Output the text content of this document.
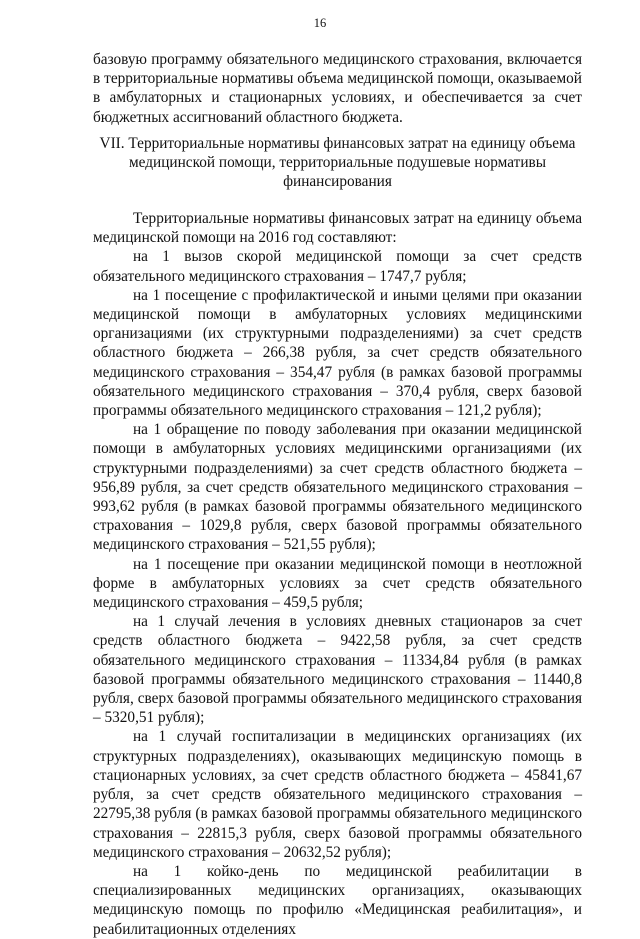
16

базовую программу обязательного медицинского страхования, включается в территориальные нормативы объема медицинской помощи, оказываемой в амбулаторных и стационарных условиях, и обеспечивается за счет бюджетных ассигнований областного бюджета.

VII. Территориальные нормативы финансовых затрат на единицу объема медицинской помощи, территориальные подушевые нормативы финансирования

Территориальные нормативы финансовых затрат на единицу объема медицинской помощи на 2016 год составляют:

на 1 вызов скорой медицинской помощи за счет средств обязательного медицинского страхования – 1747,7 рубля;

на 1 посещение с профилактической и иными целями при оказании медицинской помощи в амбулаторных условиях медицинскими организациями (их структурными подразделениями) за счет средств областного бюджета – 266,38 рубля, за счет средств обязательного медицинского страхования – 354,47 рубля (в рамках базовой программы обязательного медицинского страхования – 370,4 рубля, сверх базовой программы обязательного медицинского страхования – 121,2 рубля);

на 1 обращение по поводу заболевания при оказании медицинской помощи в амбулаторных условиях медицинскими организациями (их структурными подразделениями) за счет средств областного бюджета – 956,89 рубля, за счет средств обязательного медицинского страхования – 993,62 рубля (в рамках базовой программы обязательного медицинского страхования – 1029,8 рубля, сверх базовой программы обязательного медицинского страхования – 521,55 рубля);

на 1 посещение при оказании медицинской помощи в неотложной форме в амбулаторных условиях за счет средств обязательного медицинского страхования – 459,5 рубля;

на 1 случай лечения в условиях дневных стационаров за счет средств областного бюджета – 9422,58 рубля, за счет средств обязательного медицинского страхования – 11334,84 рубля (в рамках базовой программы обязательного медицинского страхования – 11440,8 рубля, сверх базовой программы обязательного медицинского страхования – 5320,51 рубля);

на 1 случай госпитализации в медицинских организациях (их структурных подразделениях), оказывающих медицинскую помощь в стационарных условиях, за счет средств областного бюджета – 45841,67 рубля, за счет средств обязательного медицинского страхования – 22795,38 рубля (в рамках базовой программы обязательного медицинского страхования – 22815,3 рубля, сверх базовой программы обязательного медицинского страхования – 20632,52 рубля);

на 1 койко-день по медицинской реабилитации в специализированных медицинских организациях, оказывающих медицинскую помощь по профилю «Медицинская реабилитация», и реабилитационных отделениях
